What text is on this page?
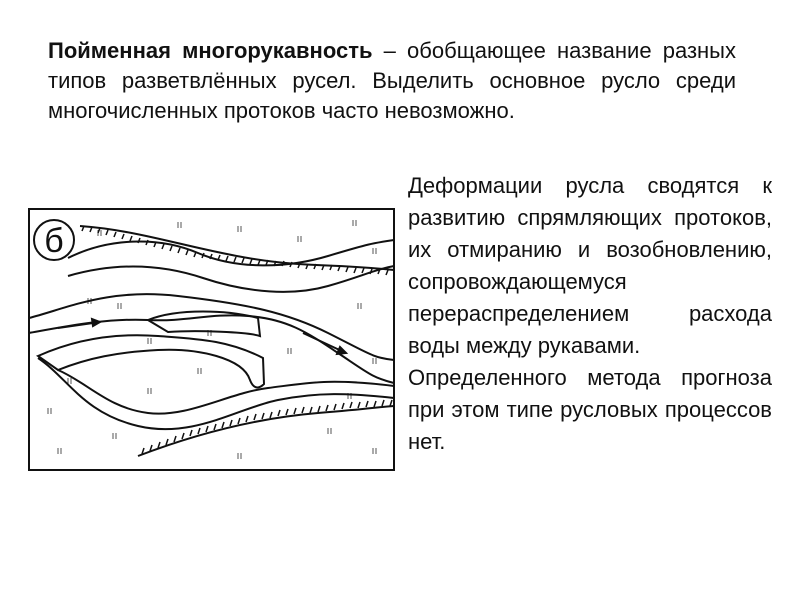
Пойменная многорукавность – обобщающее название разных типов разветвлённых русел. Выделить основное русло среди многочисленных протоков часто невозможно.
б

Деформации русла сводятся к развитию спрямляющих протоков, их отмиранию и возобновлению, сопровождающемуся перераспределением расхода воды между рукавами.

Определенного метода прогноза при этом типе русловых процессов нет.
